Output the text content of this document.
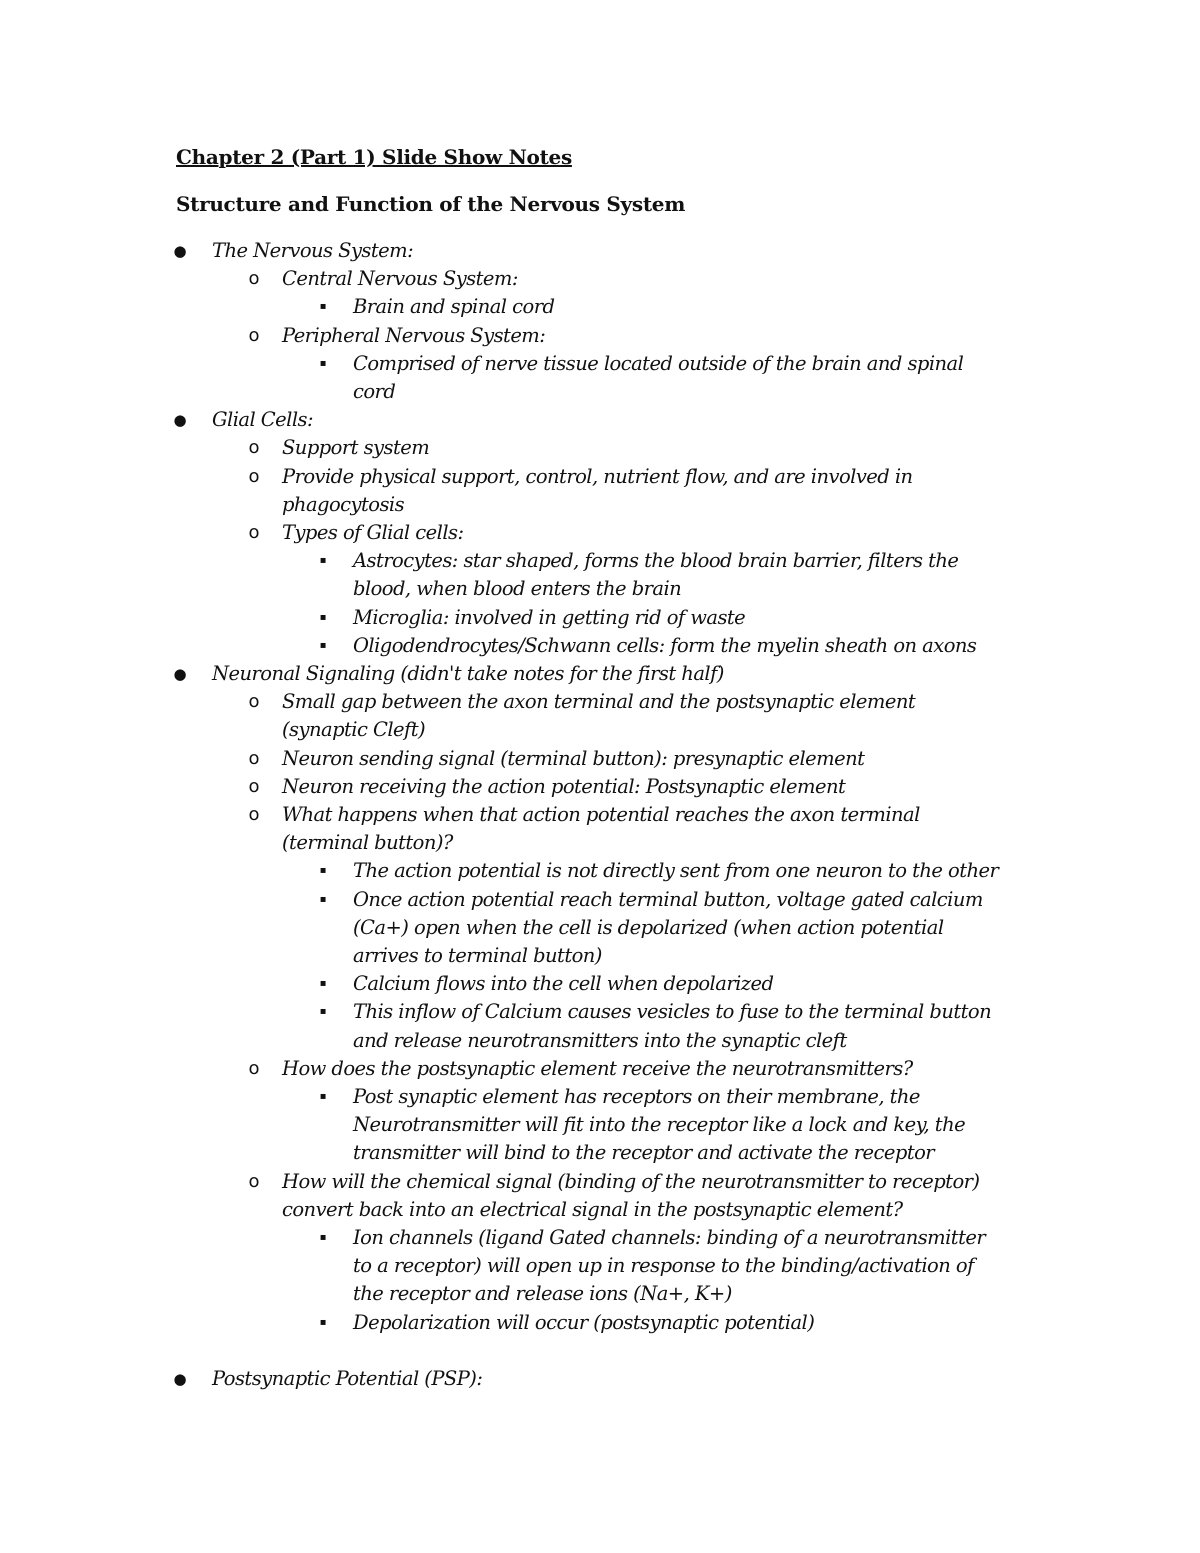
Chapter 2 (Part 1) Slide Show Notes
Structure and Function of the Nervous System
● The Nervous System:
o	Central Nervous System:
▪	Brain and spinal cord
o	Peripheral Nervous System:
▪	Comprised of nerve tissue located outside of the brain and spinal
cord
● Glial Cells:
o	Support system
o	Provide physical support, control, nutrient flow, and are involved in
phagocytosis
o	Types of Glial cells:
▪	Astrocytes: star shaped, forms the blood brain barrier, filters the
blood, when blood enters the brain
▪	Microglia: involved in getting rid of waste
▪	Oligodendrocytes/Schwann cells: form the myelin sheath on axons
● Neuronal Signaling (didn't take notes for the first half)
o	Small gap between the axon terminal and the postsynaptic element
(synaptic Cleft)
o	Neuron sending signal (terminal button): presynaptic element
o	Neuron receiving the action potential: Postsynaptic element
o	What happens when that action potential reaches the axon terminal
(terminal button)?
▪	The action potential is not directly sent from one neuron to the other
▪	Once action potential reach terminal button, voltage gated calcium
(Ca+) open when the cell is depolarized (when action potential
arrives to terminal button)
▪	Calcium flows into the cell when depolarized
▪	This inflow of Calcium causes vesicles to fuse to the terminal button
and release neurotransmitters into the synaptic cleft
o	How does the postsynaptic element receive the neurotransmitters?
▪	Post synaptic element has receptors on their membrane, the
Neurotransmitter will fit into the receptor like a lock and key, the
transmitter will bind to the receptor and activate the receptor
o	How will the chemical signal (binding of the neurotransmitter to receptor)
convert back into an electrical signal in the postsynaptic element?
▪	Ion channels (ligand Gated channels: binding of a neurotransmitter
to a receptor) will open up in response to the binding/activation of
the receptor and release ions (Na+, K+)
▪	Depolarization will occur (postsynaptic potential)
● Postsynaptic Potential (PSP):
